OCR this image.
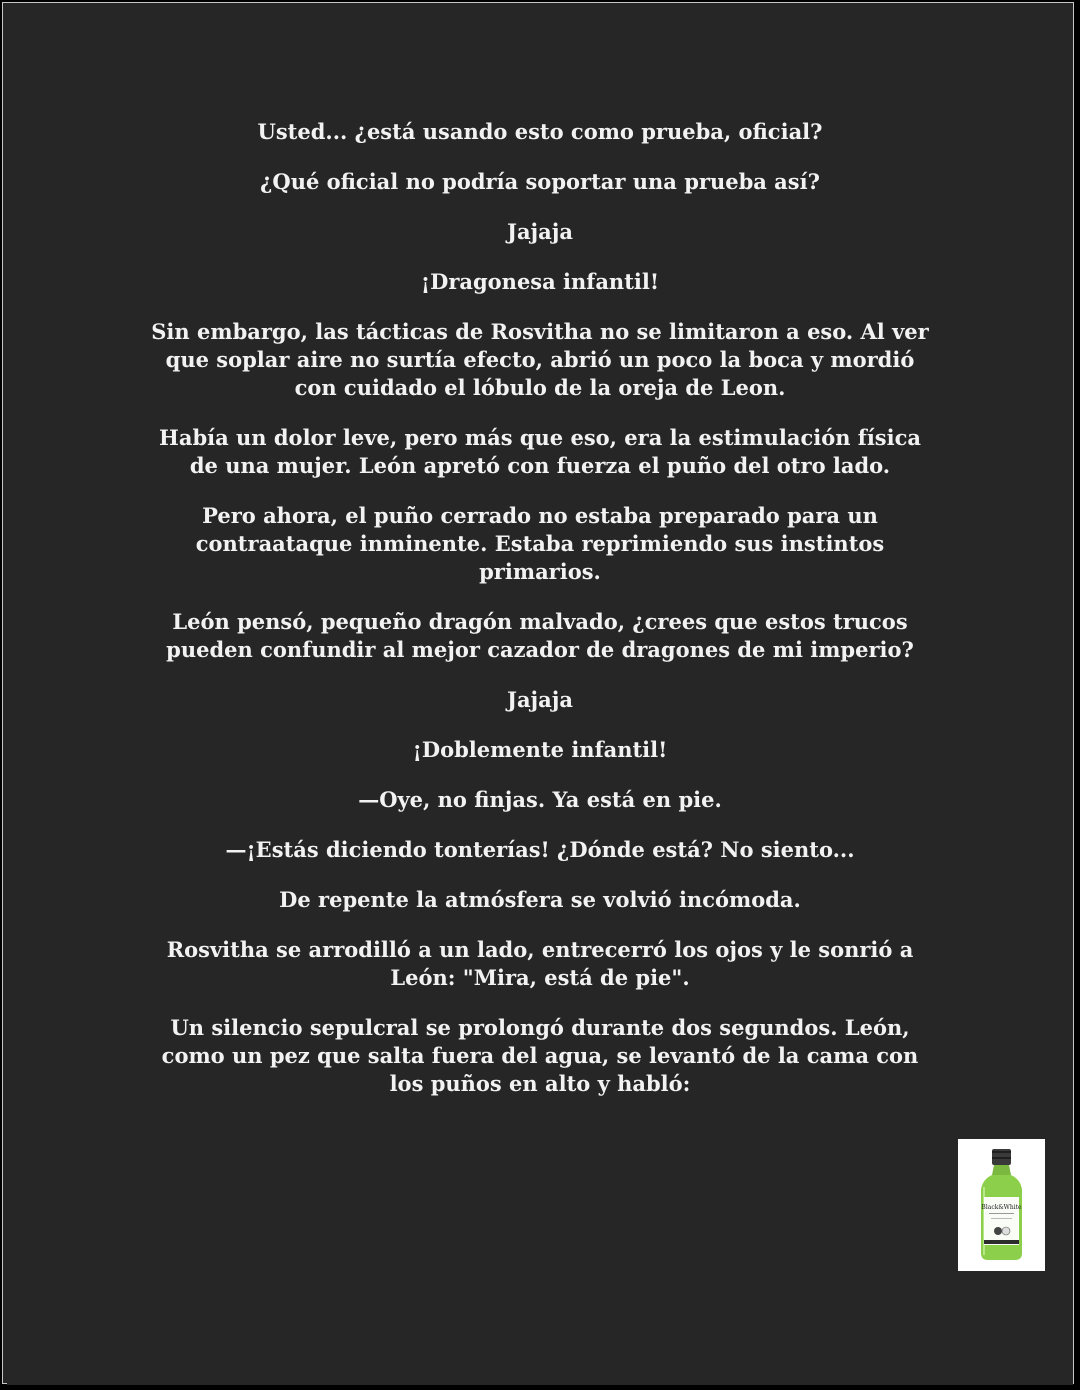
Usted... ¿está usando esto como prueba, oficial?

¿Qué oficial no podría soportar una prueba así?

Jajaja

¡Dragonesa infantil!

Sin embargo, las tácticas de Rosvitha no se limitaron a eso. Al ver que soplar aire no surtía efecto, abrió un poco la boca y mordió con cuidado el lóbulo de la oreja de Leon.

Había un dolor leve, pero más que eso, era la estimulación física de una mujer. León apretó con fuerza el puño del otro lado.

Pero ahora, el puño cerrado no estaba preparado para un contraataque inminente. Estaba reprimiendo sus instintos primarios.

León pensó, pequeño dragón malvado, ¿crees que estos trucos pueden confundir al mejor cazador de dragones de mi imperio?

Jajaja

¡Doblemente infantil!

—Oye, no finjas. Ya está en pie.

—¡Estás diciendo tonterías! ¿Dónde está? No siento...

De repente la atmósfera se volvió incómoda.

Rosvitha se arrodilló a un lado, entrecerró los ojos y le sonrió a León: "Mira, está de pie".

Un silencio sepulcral se prolongó durante dos segundos. León, como un pez que salta fuera del agua, se levantó de la cama con los puños en alto y habló:

Black&White
